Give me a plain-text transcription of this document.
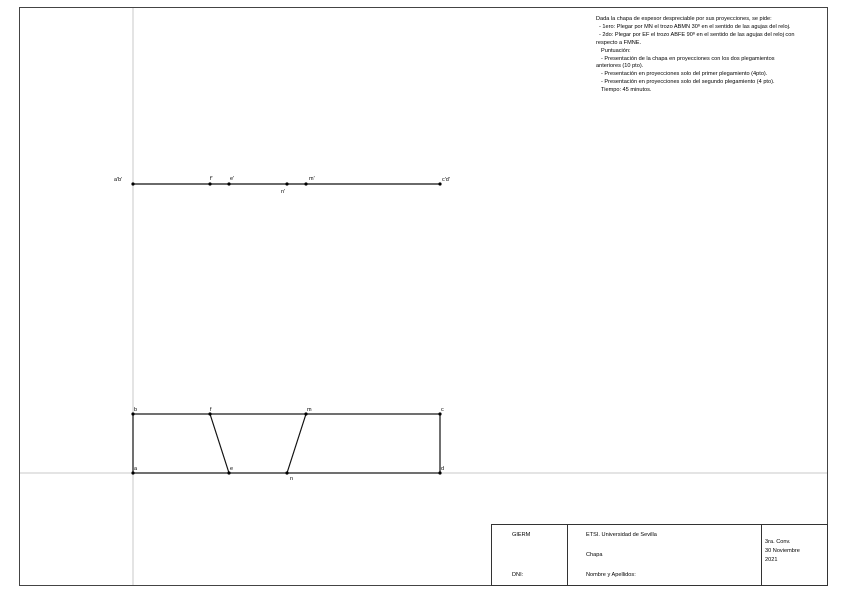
a'b'	f'	e'
n'
m'	c'd'
b	f	m	c
a	e
n
d
Dada la chapa de espesor despreciable por sus proyecciones, se pide:
- 1ero: Plegar por MN el trozo ABMN 30º en el sentido de las agujas del reloj.
- 2do: Plegar por EF el trozo ABFE 90º en el sentido de las agujas del reloj con
respecto a FMNE.
Puntuación:
- Presentación de la chapa en proyecciones con los dos plegamientos
anteriores (10 pto).
- Presentación en proyecciones solo del primer plegamiento (4pto).
- Presentación en proyecciones solo del segundo plegamiento (4 pto).
Tiempo: 45 minutos.
GIERM
DNI:
ETSI. Universidad de Sevilla
Chapa
Nombre y Apellidos:
3ra. Conv.
30 Noviembre
2021
